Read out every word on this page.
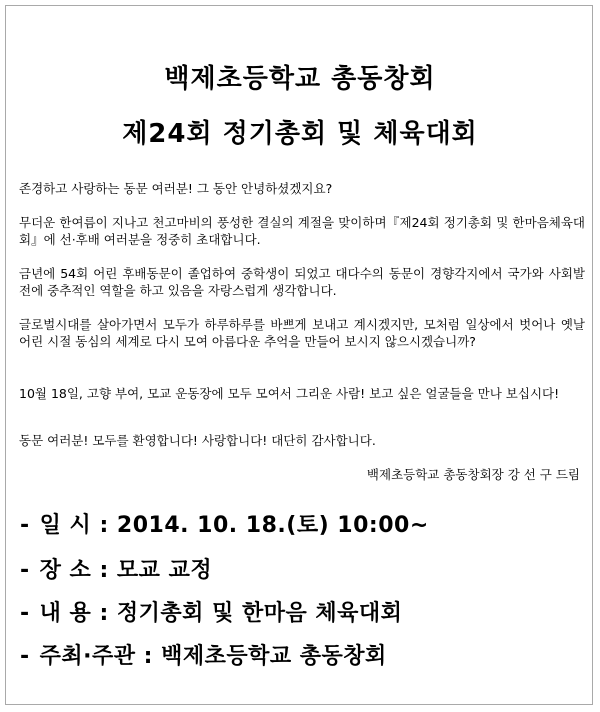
백제초등학교 총동창회
제24회 정기총회 및 체육대회
존경하고 사랑하는 동문 여러분! 그 동안 안녕하셨겠지요?
무더운 한여름이 지나고 천고마비의 풍성한 결실의 계절을 맞이하며『제24회 정기총회 및 한마음체육대회』에 선·후배 여러분을 정중히 초대합니다.
금년에 54회 어린 후배동문이 졸업하여 중학생이 되었고 대다수의 동문이 경향각지에서 국가와 사회발전에 중추적인 역할을 하고 있음을 자랑스럽게 생각합니다.
글로벌시대를 살아가면서 모두가 하루하루를 바쁘게 보내고 계시겠지만, 모처럼 일상에서 벗어나 옛날 어린 시절 동심의 세계로 다시 모여 아름다운 추억을 만들어 보시지 않으시겠습니까?
10월 18일, 고향 부여, 모교 운동장에 모두 모여서 그리운 사람! 보고 싶은 얼굴들을 만나 보십시다!
동문 여러분! 모두를 환영합니다! 사랑합니다! 대단히 감사합니다.
백제초등학교 총동창회장 강 선 구 드림
- 일 시 : 2014. 10. 18.(토) 10:00~
- 장 소 : 모교 교정
- 내 용 : 정기총회 및 한마음 체육대회
- 주최·주관 : 백제초등학교 총동창회
